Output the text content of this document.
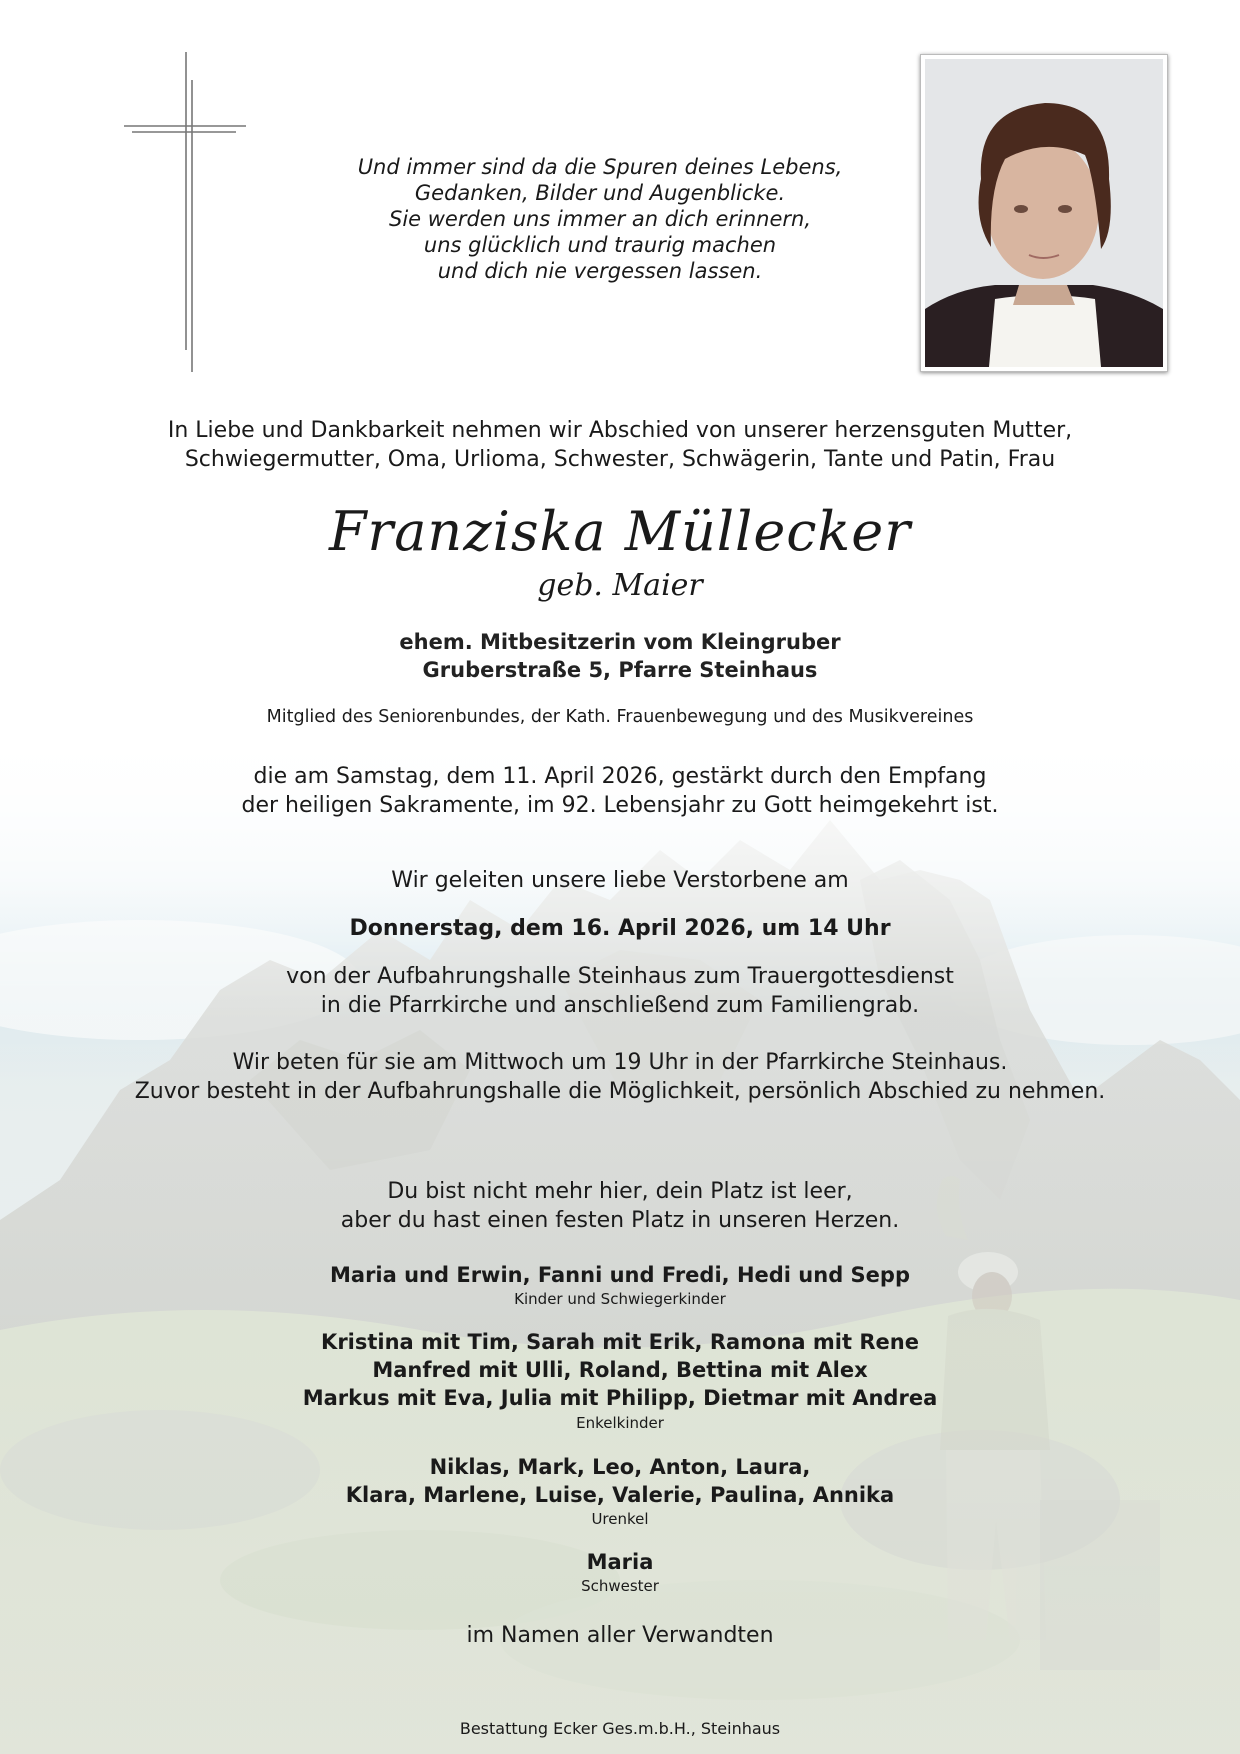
Und immer sind da die Spuren deines Lebens,
Gedanken, Bilder und Augenblicke.
Sie werden uns immer an dich erinnern,
uns glücklich und traurig machen
und dich nie vergessen lassen.
In Liebe und Dankbarkeit nehmen wir Abschied von unserer herzensguten Mutter,
Schwiegermutter, Oma, Urlioma, Schwester, Schwägerin, Tante und Patin, Frau
Franziska Müllecker
geb. Maier
ehem. Mitbesitzerin vom Kleingruber
Gruberstraße 5, Pfarre Steinhaus
Mitglied des Seniorenbundes, der Kath. Frauenbewegung und des Musikvereines
die am Samstag, dem 11. April 2026, gestärkt durch den Empfang
der heiligen Sakramente, im 92. Lebensjahr zu Gott heimgekehrt ist.
Wir geleiten unsere liebe Verstorbene am
Donnerstag, dem 16. April 2026, um 14 Uhr
von der Aufbahrungshalle Steinhaus zum Trauergottesdienst
in die Pfarrkirche und anschließend zum Familiengrab.
Wir beten für sie am Mittwoch um 19 Uhr in der Pfarrkirche Steinhaus.
Zuvor besteht in der Aufbahrungshalle die Möglichkeit, persönlich Abschied zu nehmen.
Du bist nicht mehr hier, dein Platz ist leer,
aber du hast einen festen Platz in unseren Herzen.
Maria und Erwin, Fanni und Fredi, Hedi und Sepp
Kinder und Schwiegerkinder
Kristina mit Tim, Sarah mit Erik, Ramona mit Rene
Manfred mit Ulli, Roland, Bettina mit Alex
Markus mit Eva, Julia mit Philipp, Dietmar mit Andrea
Enkelkinder
Niklas, Mark, Leo, Anton, Laura,
Klara, Marlene, Luise, Valerie, Paulina, Annika
Urenkel
Maria
Schwester
im Namen aller Verwandten
Bestattung Ecker Ges.m.b.H., Steinhaus
